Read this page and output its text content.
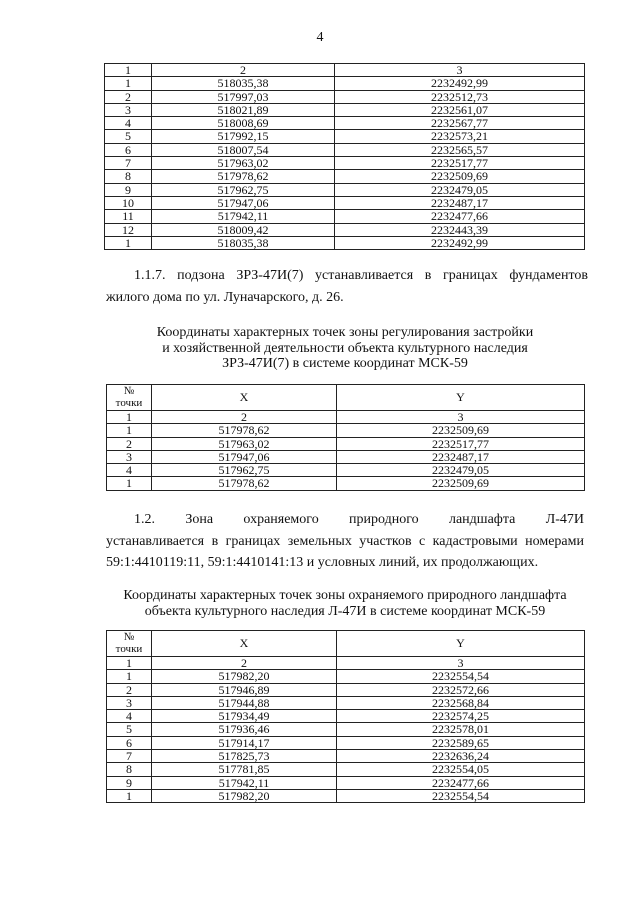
4
1	2	3
1	518035,38	2232492,99
2	517997,03	2232512,73
3	518021,89	2232561,07
4	518008,69	2232567,77
5	517992,15	2232573,21
6	518007,54	2232565,57
7	517963,02	2232517,77
8	517978,62	2232509,69
9	517962,75	2232479,05
10	517947,06	2232487,17
11	517942,11	2232477,66
12	518009,42	2232443,39
1	518035,38	2232492,99
1.1.7. подзона ЗРЗ-47И(7) устанавливается в границах фундаментов
жилого дома по ул. Луначарского, д. 26.
Координаты характерных точек зоны регулирования застройки
и хозяйственной деятельности объекта культурного наследия
ЗРЗ-47И(7) в системе координат МСК-59
№
точки	X	Y
1	2	3
1	517978,62	2232509,69
2	517963,02	2232517,77
3	517947,06	2232487,17
4	517962,75	2232479,05
1	517978,62	2232509,69
1.2. Зона охраняемого природного ландшафта Л-47И
устанавливается в границах земельных участков с кадастровыми номерами
59:1:4410119:11, 59:1:4410141:13 и условных линий, их продолжающих.
Координаты характерных точек зоны охраняемого природного ландшафта
объекта культурного наследия Л-47И в системе координат МСК-59
№
точки	X	Y
1	2	3
1	517982,20	2232554,54
2	517946,89	2232572,66
3	517944,88	2232568,84
4	517934,49	2232574,25
5	517936,46	2232578,01
6	517914,17	2232589,65
7	517825,73	2232636,24
8	517781,85	2232554,05
9	517942,11	2232477,66
1	517982,20	2232554,54
